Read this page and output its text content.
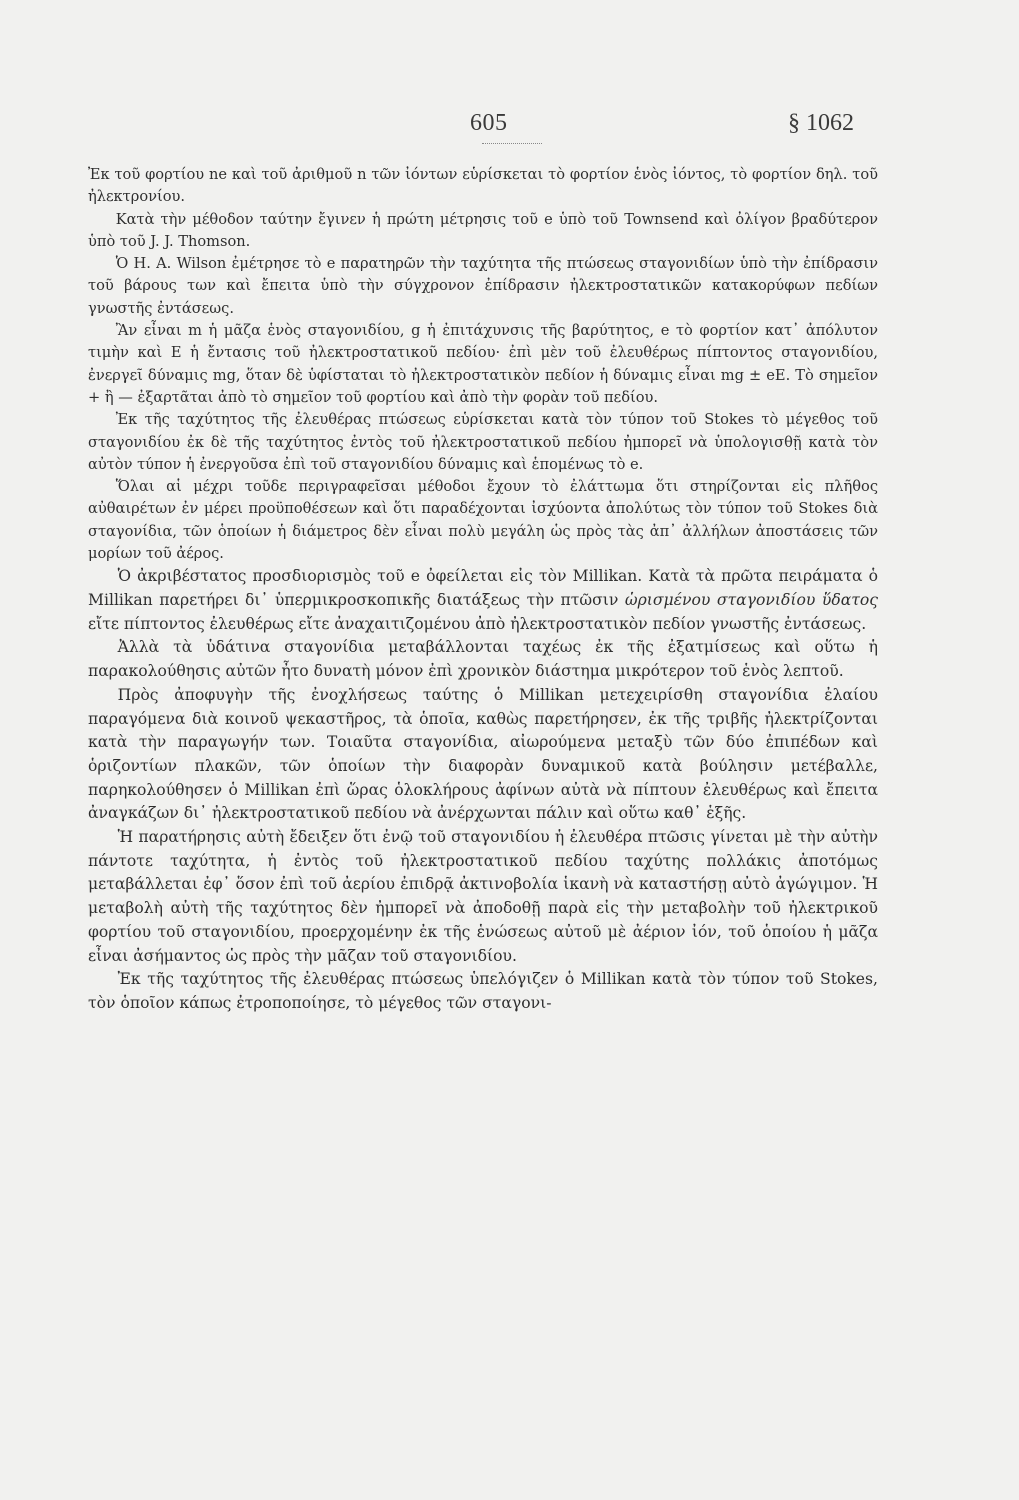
605	§ 1062

Ἐκ τοῦ φορτίου ne καὶ τοῦ ἀριθμοῦ n τῶν ἰόντων εὑρίσκεται τὸ φορτίον ἑνὸς ἰόντος, τὸ φορτίον δηλ. τοῦ ἠλεκτρονίου.

Κατὰ τὴν μέθοδον ταύτην ἔγινεν ἡ πρώτη μέτρησις τοῦ e ὑπὸ τοῦ Townsend καὶ ὀλίγον βραδύτερον ὑπὸ τοῦ J. J. Thomson.

Ὁ H. A. Wilson ἐμέτρησε τὸ e παρατηρῶν τὴν ταχύτητα τῆς πτώσεως σταγονιδίων ὑπὸ τὴν ἐπίδρασιν τοῦ βάρους των καὶ ἔπειτα ὑπὸ τὴν σύγχρονον ἐπίδρασιν ἠλεκτροστατικῶν κατακορύφων πεδίων γνωστῆς ἐντάσεως.

Ἂν εἶναι m ἡ μᾶζα ἑνὸς σταγονιδίου, g ἡ ἐπιτάχυνσις τῆς βαρύτητος, e τὸ φορτίον κατ᾽ ἀπόλυτον τιμὴν καὶ E ἡ ἔντασις τοῦ ἠλεκτροστατικοῦ πεδίου· ἐπὶ μὲν τοῦ ἐλευθέρως πίπτοντος σταγονιδίου, ἐνεργεῖ δύναμις mg, ὅταν δὲ ὑφίσταται τὸ ἠλεκτροστατικὸν πεδίον ἡ δύναμις εἶναι mg ± eE. Τὸ σημεῖον + ἢ — ἐξαρτᾶται ἀπὸ τὸ σημεῖον τοῦ φορτίου καὶ ἀπὸ τὴν φορὰν τοῦ πεδίου.

Ἐκ τῆς ταχύτητος τῆς ἐλευθέρας πτώσεως εὑρίσκεται κατὰ τὸν τύπον τοῦ Stokes τὸ μέγεθος τοῦ σταγονιδίου ἐκ δὲ τῆς ταχύτητος ἐντὸς τοῦ ἠλεκτροστατικοῦ πεδίου ἠμπορεῖ νὰ ὑπολογισθῇ κατὰ τὸν αὐτὸν τύπον ἡ ἐνεργοῦσα ἐπὶ τοῦ σταγονιδίου δύναμις καὶ ἑπομένως τὸ e.

Ὅλαι αἱ μέχρι τοῦδε περιγραφεῖσαι μέθοδοι ἔχουν τὸ ἐλάττωμα ὅτι στηρίζονται εἰς πλῆθος αὐθαιρέτων ἐν μέρει προϋποθέσεων καὶ ὅτι παραδέχονται ἰσχύοντα ἀπολύτως τὸν τύπον τοῦ Stokes διὰ σταγονίδια, τῶν ὁποίων ἡ διάμετρος δὲν εἶναι πολὺ μεγάλη ὡς πρὸς τὰς ἀπ᾽ ἀλλήλων ἀποστάσεις τῶν μορίων τοῦ ἀέρος.

Ὁ ἀκριβέστατος προσδιορισμὸς τοῦ e ὀφείλεται εἰς τὸν Millikan. Κατὰ τὰ πρῶτα πειράματα ὁ Millikan παρετήρει δι᾽ ὑπερμικροσκοπικῆς διατάξεως τὴν πτῶσιν ὡρισμένου σταγονιδίου ὕδατος εἴτε πίπτοντος ἐλευθέρως εἴτε ἀναχαιτιζομένου ἀπὸ ἠλεκτροστατικὸν πεδίον γνωστῆς ἐντάσεως.

Ἀλλὰ τὰ ὑδάτινα σταγονίδια μεταβάλλονται ταχέως ἐκ τῆς ἐξατμίσεως καὶ οὕτω ἡ παρακολούθησις αὐτῶν ἦτο δυνατὴ μόνον ἐπὶ χρονικὸν διάστημα μικρότερον τοῦ ἑνὸς λεπτοῦ.

Πρὸς ἀποφυγὴν τῆς ἐνοχλήσεως ταύτης ὁ Millikan μετεχειρίσθη σταγονίδια ἐλαίου παραγόμενα διὰ κοινοῦ ψεκαστῆρος, τὰ ὁποῖα, καθὼς παρετήρησεν, ἐκ τῆς τριβῆς ἠλεκτρίζονται κατὰ τὴν παραγωγήν των. Τοιαῦτα σταγονίδια, αἰωρούμενα μεταξὺ τῶν δύο ἐπιπέδων καὶ ὁριζοντίων πλακῶν, τῶν ὁποίων τὴν διαφορὰν δυναμικοῦ κατὰ βούλησιν μετέβαλλε, παρηκολούθησεν ὁ Millikan ἐπὶ ὥρας ὁλοκλήρους ἀφίνων αὐτὰ νὰ πίπτουν ἐλευθέρως καὶ ἔπειτα ἀναγκάζων δι᾽ ἠλεκτροστατικοῦ πεδίου νὰ ἀνέρχωνται πάλιν καὶ οὕτω καθ᾽ ἑξῆς.

Ἡ παρατήρησις αὐτὴ ἔδειξεν ὅτι ἐνῷ τοῦ σταγονιδίου ἡ ἐλευθέρα πτῶσις γίνεται μὲ τὴν αὐτὴν πάντοτε ταχύτητα, ἡ ἐντὸς τοῦ ἠλεκτροστατικοῦ πεδίου ταχύτης πολλάκις ἀποτόμως μεταβάλλεται ἐφ᾽ ὅσον ἐπὶ τοῦ ἀερίου ἐπιδρᾷ ἀκτινοβολία ἱκανὴ νὰ καταστήσῃ αὐτὸ ἀγώγιμον. Ἡ μεταβολὴ αὐτὴ τῆς ταχύτητος δὲν ἠμπορεῖ νὰ ἀποδοθῇ παρὰ εἰς τὴν μεταβολὴν τοῦ ἠλεκτρικοῦ φορτίου τοῦ σταγονιδίου, προερχομένην ἐκ τῆς ἑνώσεως αὐτοῦ μὲ ἀέριον ἰόν, τοῦ ὁποίου ἡ μᾶζα εἶναι ἀσήμαντος ὡς πρὸς τὴν μᾶζαν τοῦ σταγονιδίου.

Ἐκ τῆς ταχύτητος τῆς ἐλευθέρας πτώσεως ὑπελόγιζεν ὁ Millikan κατὰ τὸν τύπον τοῦ Stokes, τὸν ὁποῖον κάπως ἐτροποποίησε, τὸ μέγεθος τῶν σταγονι-
